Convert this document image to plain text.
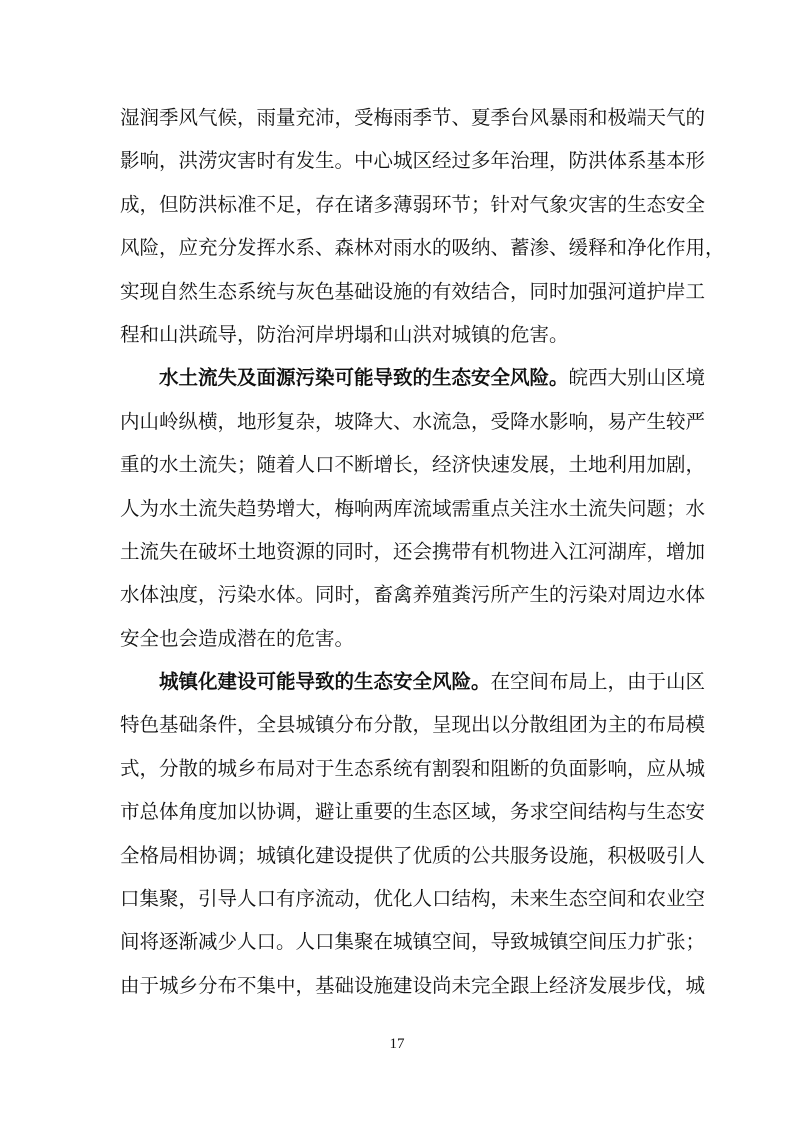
湿润季风气候，雨量充沛，受梅雨季节、夏季台风暴雨和极端天气的
影响，洪涝灾害时有发生。中心城区经过多年治理，防洪体系基本形
成，但防洪标准不足，存在诸多薄弱环节；针对气象灾害的生态安全
风险，应充分发挥水系、森林对雨水的吸纳、蓄渗、缓释和净化作用，
实现自然生态系统与灰色基础设施的有效结合，同时加强河道护岸工
程和山洪疏导，防治河岸坍塌和山洪对城镇的危害。
水土流失及面源污染可能导致的生态安全风险。皖西大别山区境
内山岭纵横，地形复杂，坡降大、水流急，受降水影响，易产生较严
重的水土流失；随着人口不断增长，经济快速发展，土地利用加剧，
人为水土流失趋势增大，梅响两库流域需重点关注水土流失问题；水
土流失在破坏土地资源的同时，还会携带有机物进入江河湖库，增加
水体浊度，污染水体。同时，畜禽养殖粪污所产生的污染对周边水体
安全也会造成潜在的危害。
城镇化建设可能导致的生态安全风险。在空间布局上，由于山区
特色基础条件，全县城镇分布分散，呈现出以分散组团为主的布局模
式，分散的城乡布局对于生态系统有割裂和阻断的负面影响，应从城
市总体角度加以协调，避让重要的生态区域，务求空间结构与生态安
全格局相协调；城镇化建设提供了优质的公共服务设施，积极吸引人
口集聚，引导人口有序流动，优化人口结构，未来生态空间和农业空
间将逐渐减少人口。人口集聚在城镇空间，导致城镇空间压力扩张；
由于城乡分布不集中，基础设施建设尚未完全跟上经济发展步伐，城
17
